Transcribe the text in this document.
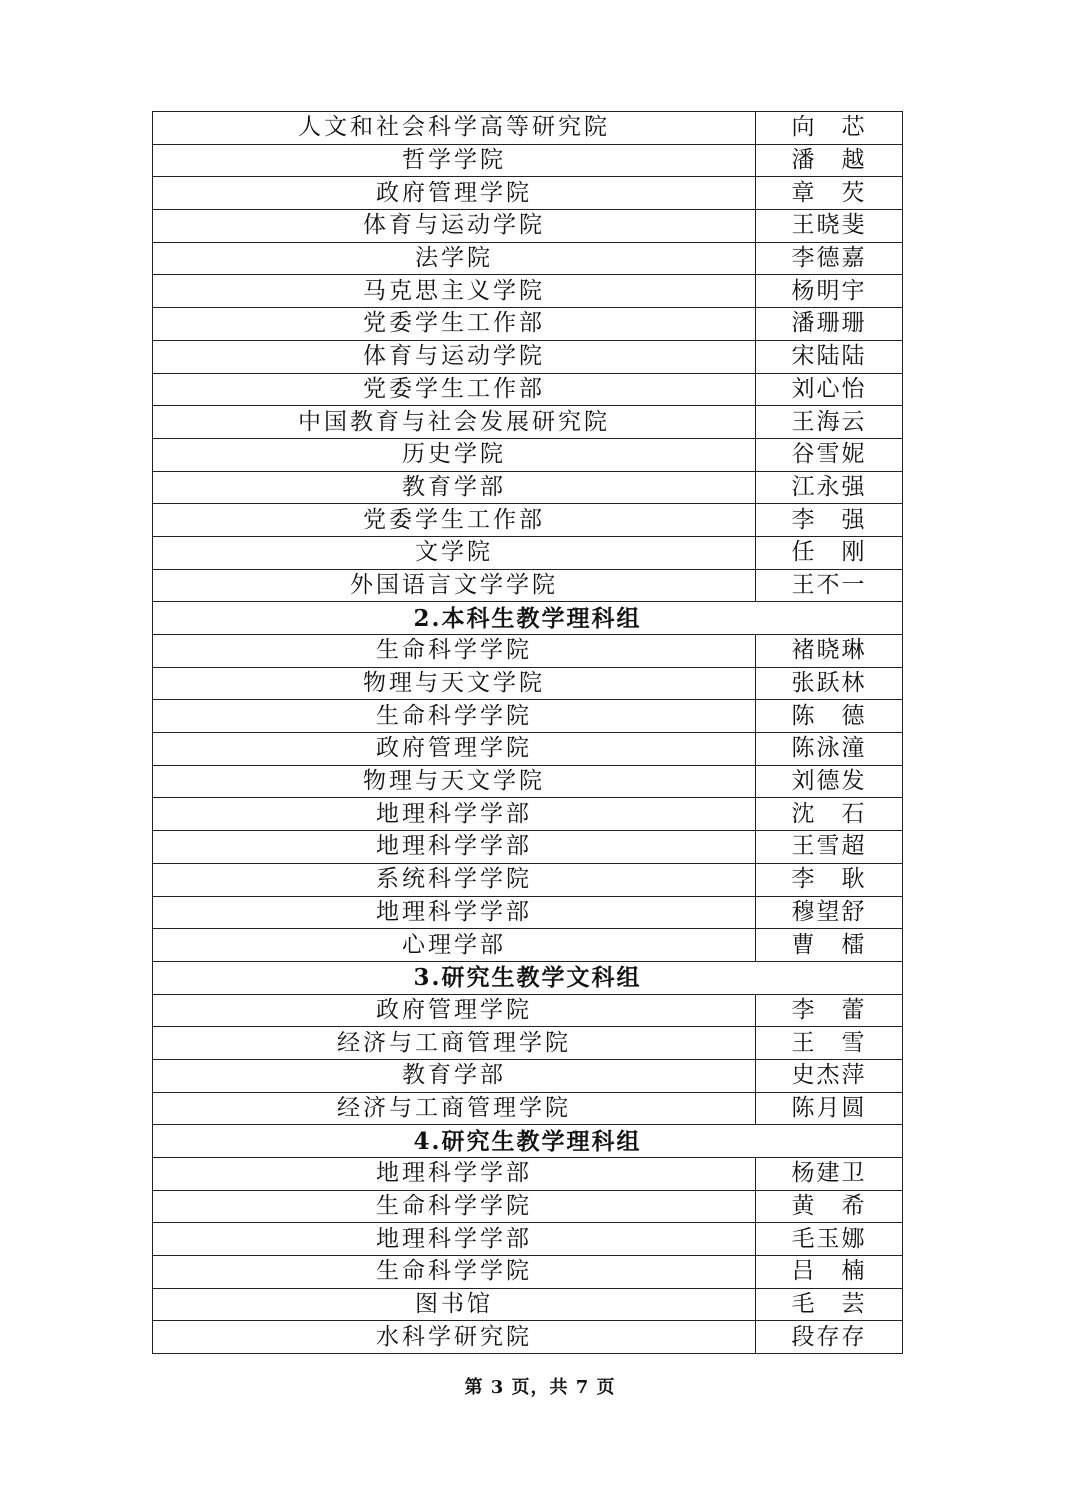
人文和社会科学高等研究院	向　芯
哲学学院	潘　越
政府管理学院	章　芡
体育与运动学院	王晓斐
法学院	李德嘉
马克思主义学院	杨明宇
党委学生工作部	潘珊珊
体育与运动学院	宋陆陆
党委学生工作部	刘心怡
中国教育与社会发展研究院	王海云
历史学院	谷雪妮
教育学部	江永强
党委学生工作部	李　强
文学院	任　刚
外国语言文学学院	王不一
2.本科生教学理科组	
生命科学学院	褚晓琳
物理与天文学院	张跃林
生命科学学院	陈　德
政府管理学院	陈泳潼
物理与天文学院	刘德发
地理科学学部	沈　石
地理科学学部	王雪超
系统科学学院	李　耿
地理科学学部	穆望舒
心理学部	曹　檑
3.研究生教学文科组	
政府管理学院	李　蕾
经济与工商管理学院	王　雪
教育学部	史杰萍
经济与工商管理学院	陈月圆
4.研究生教学理科组	
地理科学学部	杨建卫
生命科学学院	黄　希
地理科学学部	毛玉娜
生命科学学院	吕　楠
图书馆	毛　芸
水科学研究院	段存存
第 3 页，共 7 页
